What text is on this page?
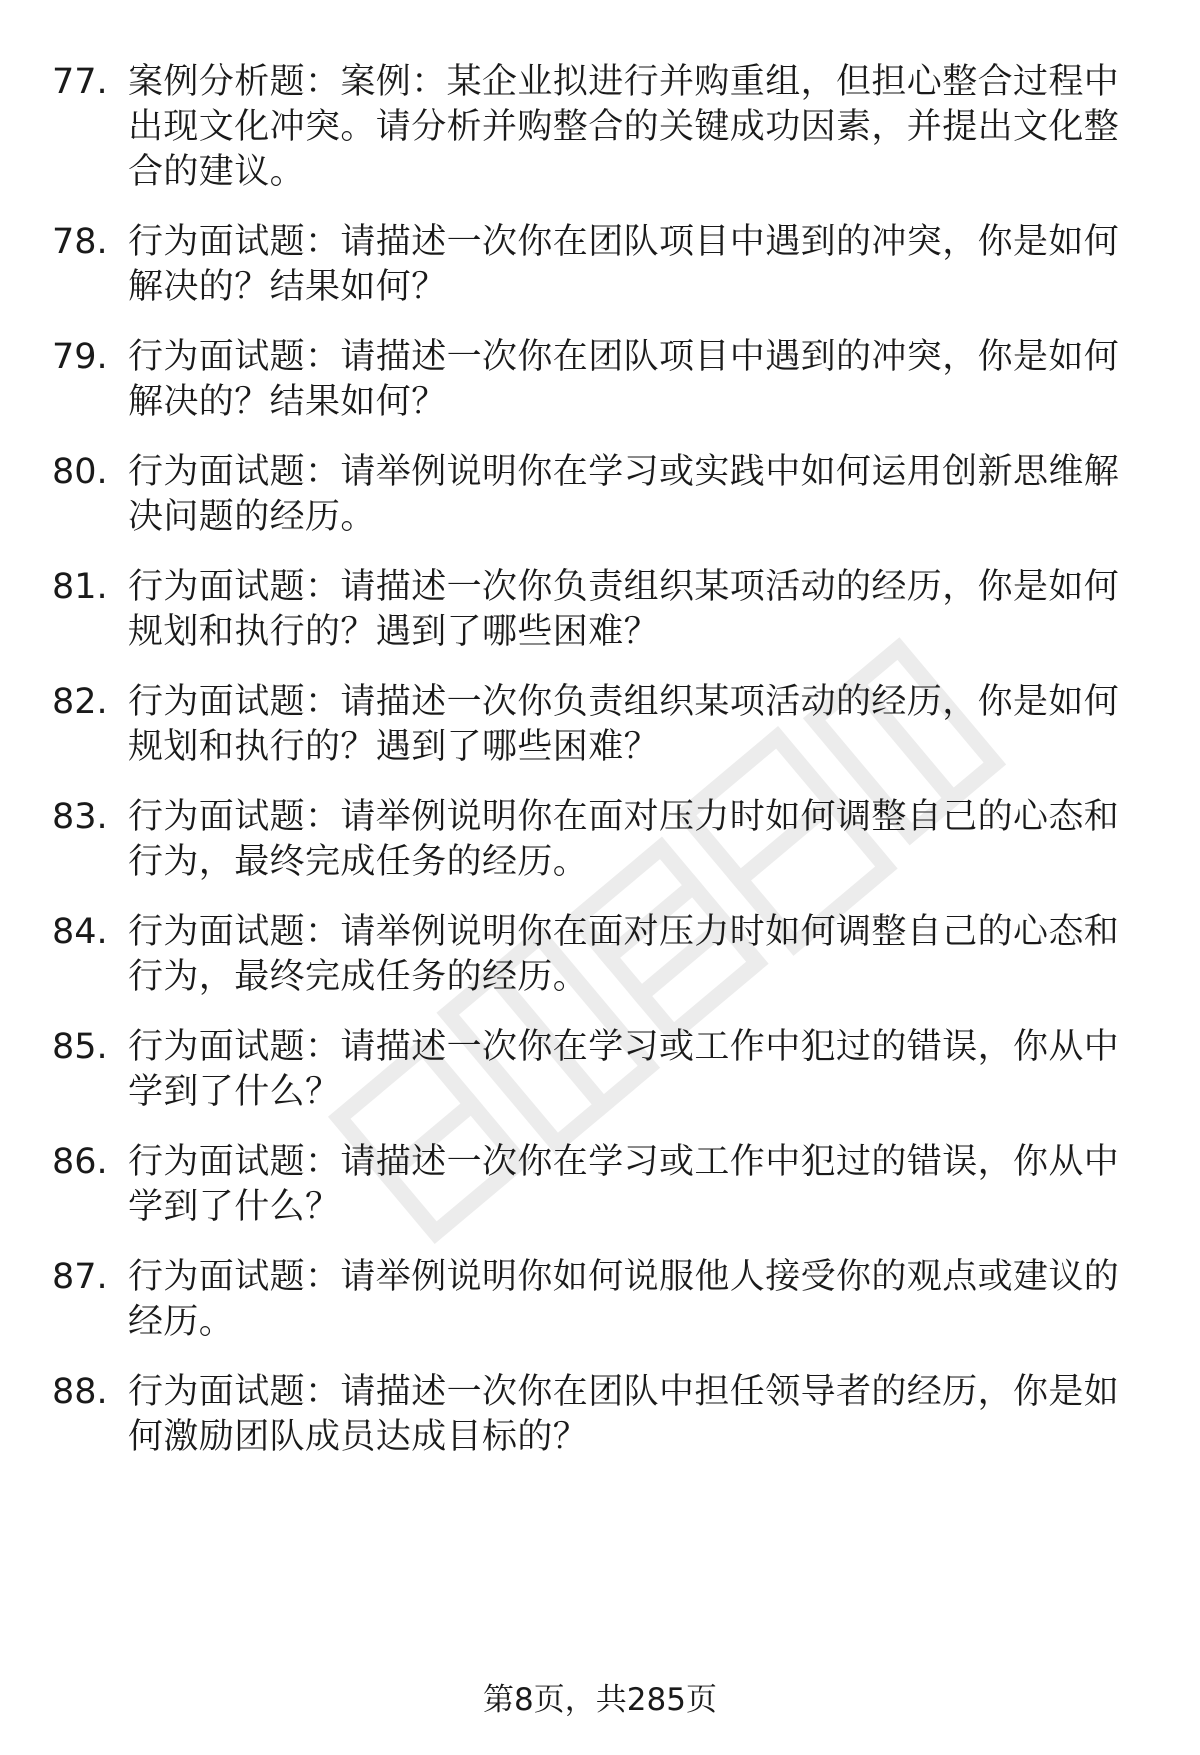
77. 案例分析题：案例：某企业拟进行并购重组，但担心整合过程中出现文化冲突。请分析并购整合的关键成功因素，并提出文化整合的建议。
78. 行为面试题：请描述一次你在团队项目中遇到的冲突，你是如何解决的？结果如何？
79. 行为面试题：请描述一次你在团队项目中遇到的冲突，你是如何解决的？结果如何？
80. 行为面试题：请举例说明你在学习或实践中如何运用创新思维解决问题的经历。
81. 行为面试题：请描述一次你负责组织某项活动的经历，你是如何规划和执行的？遇到了哪些困难？
82. 行为面试题：请描述一次你负责组织某项活动的经历，你是如何规划和执行的？遇到了哪些困难？
83. 行为面试题：请举例说明你在面对压力时如何调整自己的心态和行为，最终完成任务的经历。
84. 行为面试题：请举例说明你在面对压力时如何调整自己的心态和行为，最终完成任务的经历。
85. 行为面试题：请描述一次你在学习或工作中犯过的错误，你从中学到了什么？
86. 行为面试题：请描述一次你在学习或工作中犯过的错误，你从中学到了什么？
87. 行为面试题：请举例说明你如何说服他人接受你的观点或建议的经历。
88. 行为面试题：请描述一次你在团队中担任领导者的经历，你是如何激励团队成员达成目标的？
第8页，共285页
